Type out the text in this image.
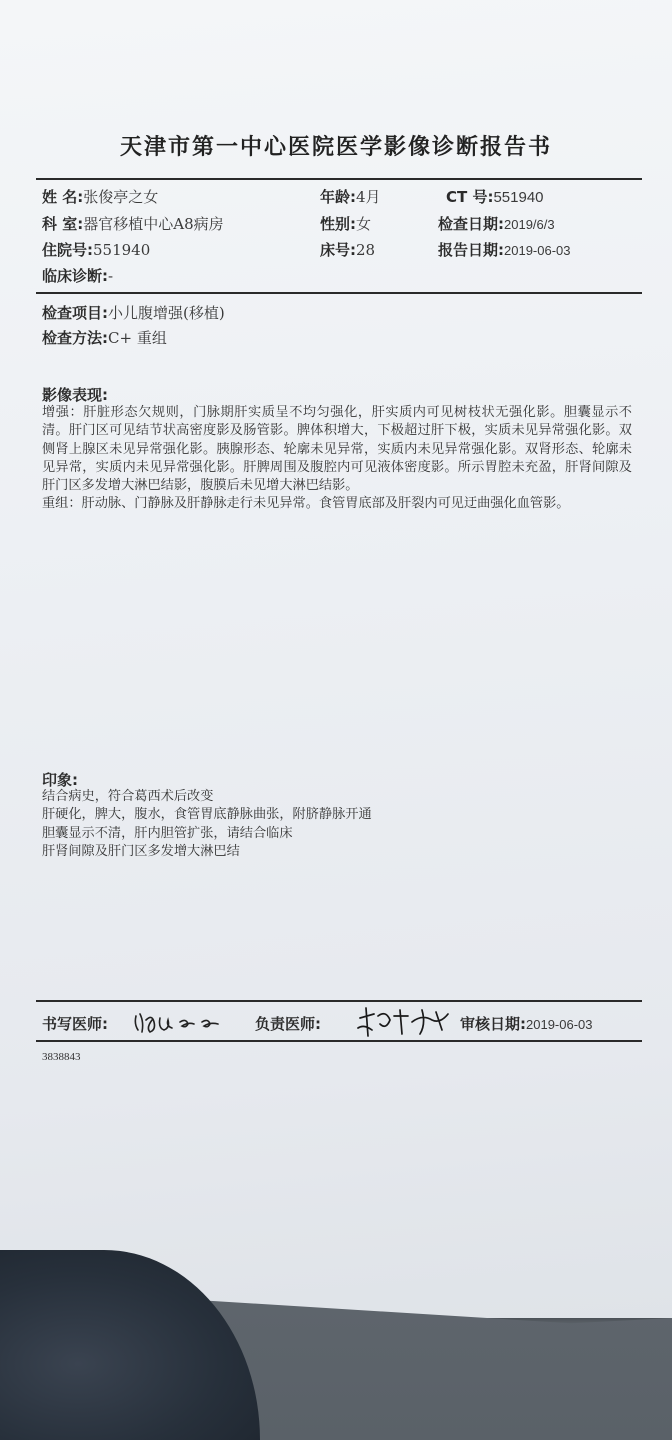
天津市第一中心医院医学影像诊断报告书
姓 名:张俊亭之女	年龄:4月	CT 号:551940
科 室:器官移植中心A8病房	性别:女	检查日期:2019/6/3
住院号:551940	床号:28	报告日期:2019-06-03
临床诊断:-
检查项目:小儿腹增强(移植)
检查方法:C+ 重组
影像表现:

增强：肝脏形态欠规则，门脉期肝实质呈不均匀强化，肝实质内可见树枝状无强化影。胆囊显示不清。肝门区可见结节状高密度影及肠管影。脾体积增大，下极超过肝下极，实质未见异常强化影。双侧肾上腺区未见异常强化影。胰腺形态、轮廓未见异常，实质内未见异常强化影。双肾形态、轮廓未见异常，实质内未见异常强化影。肝脾周围及腹腔内可见液体密度影。所示胃腔未充盈，肝肾间隙及肝门区多发增大淋巴结影，腹膜后未见增大淋巴结影。

重组：肝动脉、门静脉及肝静脉走行未见异常。食管胃底部及肝裂内可见迂曲强化血管影。

印象:
结合病史，符合葛西术后改变
肝硬化，脾大，腹水，食管胃底静脉曲张，附脐静脉开通
胆囊显示不清，肝内胆管扩张，请结合临床
肝肾间隙及肝门区多发增大淋巴结
书写医师:	负责医师:	审核日期:2019-06-03
3838843
